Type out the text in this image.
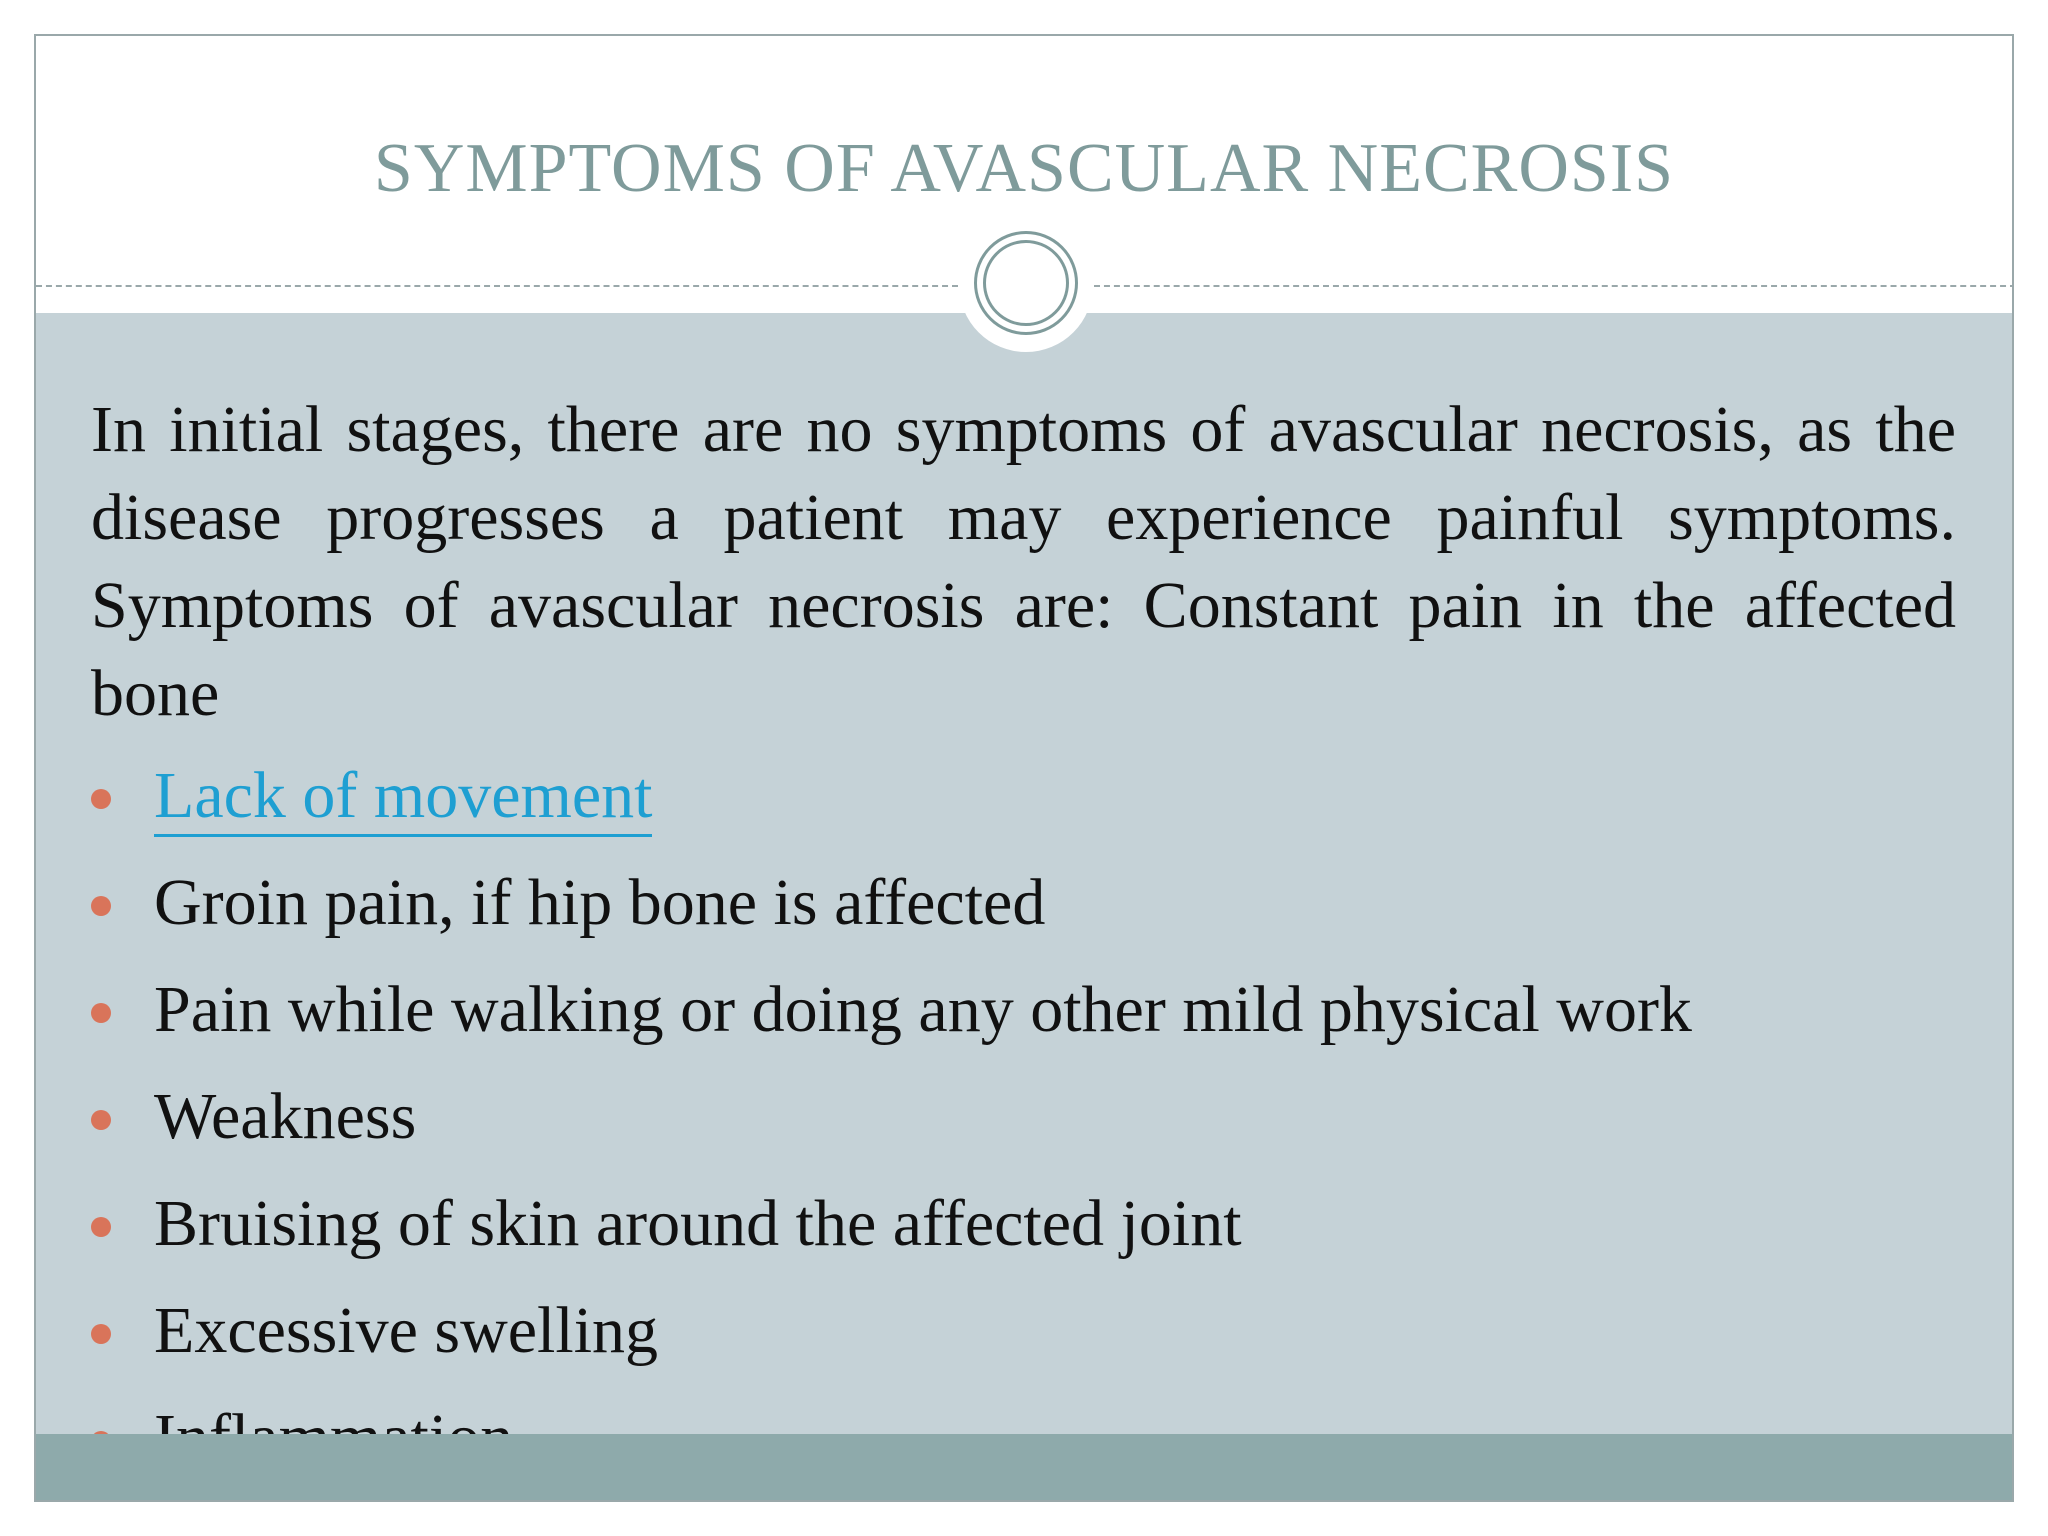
SYMPTOMS OF AVASCULAR NECROSIS

In initial stages, there are no symptoms of avascular necrosis, as the disease progresses a patient may experience painful symptoms. Symptoms of avascular necrosis are: Constant pain in the affected bone

Lack of movement
Groin pain, if hip bone is affected
Pain while walking or doing any other mild physical work
Weakness
Bruising of skin around the affected joint
Excessive swelling
